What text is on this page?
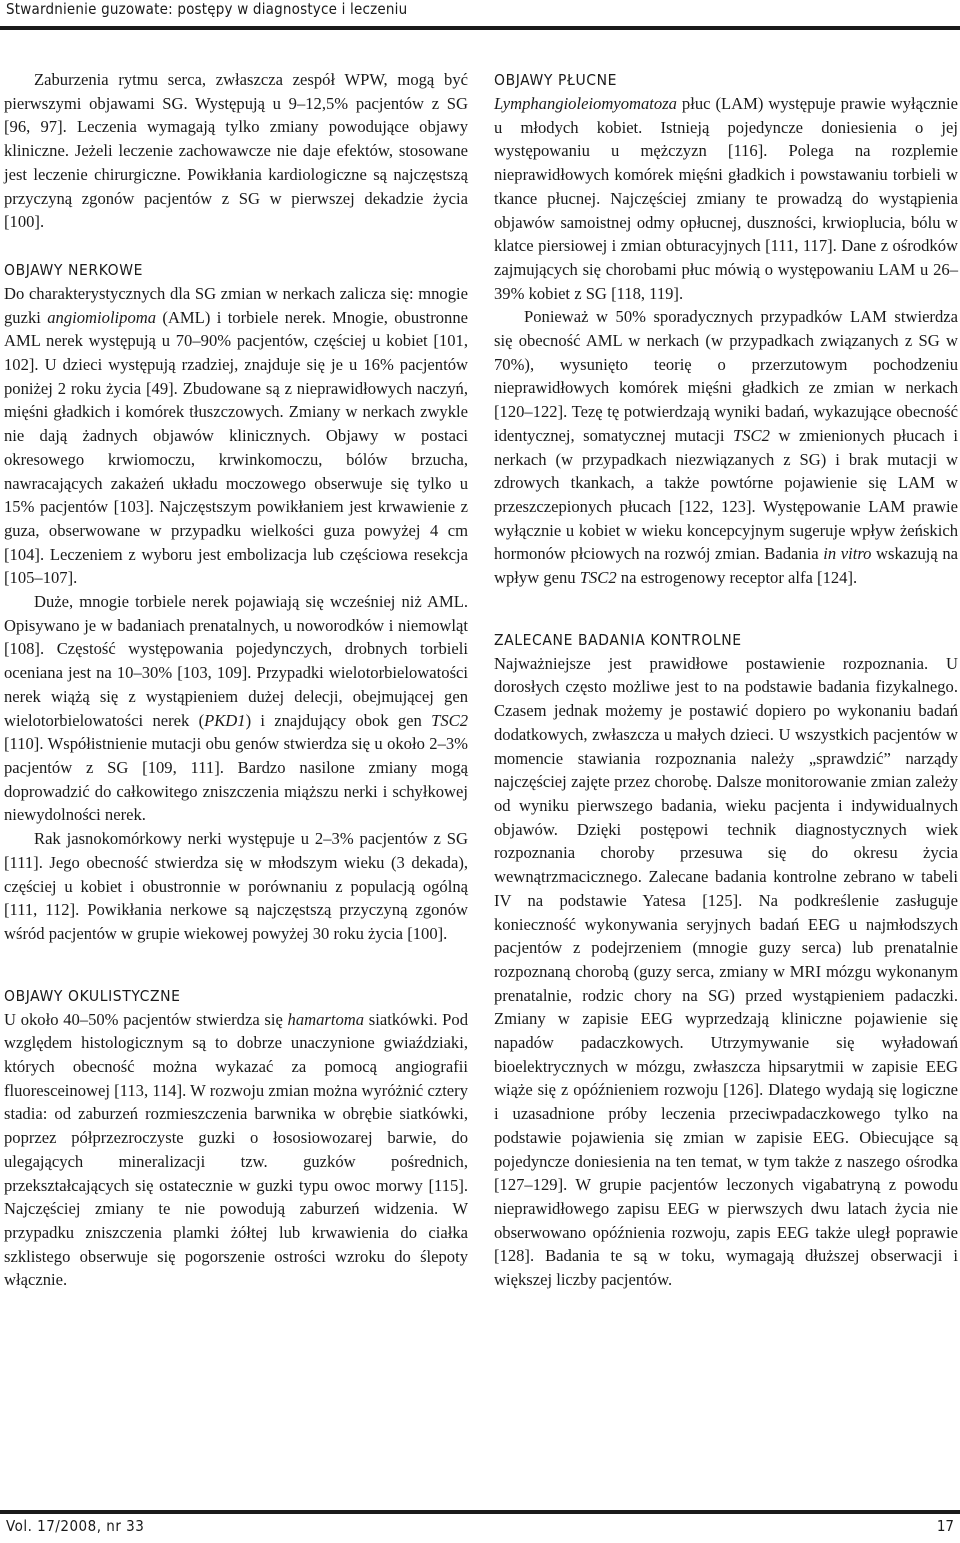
Stwardnienie guzowate: postępy w diagnostyce i leczeniu

Zaburzenia rytmu serca, zwłaszcza zespół WPW, mogą być pierwszymi objawami SG. Występują u 9–12,5% pacjentów z SG [96, 97]. Leczenia wymagają tylko zmiany powodujące objawy kliniczne. Jeżeli leczenie zachowawcze nie daje efektów, stosowane jest leczenie chirurgiczne. Powikłania kardiologiczne są najczęstszą przyczyną zgonów pacjentów z SG w pierwszej dekadzie życia [100].

OBJAWY NERKOWE

Do charakterystycznych dla SG zmian w nerkach zalicza się: mnogie guzki angiomiolipoma (AML) i torbiele nerek. Mnogie, obustronne AML nerek występują u 70–90% pacjentów, częściej u kobiet [101, 102]. U dzieci występują rzadziej, znajduje się je u 16% pacjentów poniżej 2 roku życia [49]. Zbudowane są z nieprawidłowych naczyń, mięśni gładkich i komórek tłuszczowych. Zmiany w nerkach zwykle nie dają żadnych objawów klinicznych. Objawy w postaci okresowego krwiomoczu, krwinkomoczu, bólów brzucha, nawracających zakażeń układu moczowego obserwuje się tylko u 15% pacjentów [103]. Najczęstszym powikłaniem jest krwawienie z guza, obserwowane w przypadku wielkości guza powyżej 4 cm [104]. Leczeniem z wyboru jest embolizacja lub częściowa resekcja [105–107].

Duże, mnogie torbiele nerek pojawiają się wcześniej niż AML. Opisywano je w badaniach prenatalnych, u noworodków i niemowląt [108]. Częstość występowania pojedynczych, drobnych torbieli oceniana jest na 10–30% [103, 109]. Przypadki wielotorbielowatości nerek wiążą się z wystąpieniem dużej delecji, obejmującej gen wielotorbielowatości nerek (PKD1) i znajdujący obok gen TSC2 [110]. Współistnienie mutacji obu genów stwierdza się u około 2–3% pacjentów z SG [109, 111]. Bardzo nasilone zmiany mogą doprowadzić do całkowitego zniszczenia miąższu nerki i schyłkowej niewydolności nerek.

Rak jasnokomórkowy nerki występuje u 2–3% pacjentów z SG [111]. Jego obecność stwierdza się w młodszym wieku (3 dekada), częściej u kobiet i obustronnie w porównaniu z populacją ogólną [111, 112]. Powikłania nerkowe są najczęstszą przyczyną zgonów wśród pacjentów w grupie wiekowej powyżej 30 roku życia [100].

OBJAWY OKULISTYCZNE

U około 40–50% pacjentów stwierdza się hamartoma siatkówki. Pod względem histologicznym są to dobrze unaczynione gwiaździaki, których obecność można wykazać za pomocą angiografii fluoresceinowej [113, 114]. W rozwoju zmian można wyróżnić cztery stadia: od zaburzeń rozmieszczenia barwnika w obrębie siatkówki, poprzez półprzezroczyste guzki o łososiowozarej barwie, do ulegających mineralizacji tzw. guzków pośrednich, przekształcających się ostatecznie w guzki typu owoc morwy [115]. Najczęściej zmiany te nie powodują zaburzeń widzenia. W przypadku zniszczenia plamki żółtej lub krwawienia do ciałka szklistego obserwuje się pogorszenie ostrości wzroku do ślepoty włącznie.

OBJAWY PŁUCNE

Lymphangioleiomyomatoza płuc (LAM) występuje prawie wyłącznie u młodych kobiet. Istnieją pojedyncze doniesienia o jej występowaniu u mężczyzn [116]. Polega na rozplemie nieprawidłowych komórek mięśni gładkich i powstawaniu torbieli w tkance płucnej. Najczęściej zmiany te prowadzą do wystąpienia objawów samoistnej odmy opłucnej, duszności, krwioplucia, bólu w klatce piersiowej i zmian obturacyjnych [111, 117]. Dane z ośrodków zajmujących się chorobami płuc mówią o występowaniu LAM u 26–39% kobiet z SG [118, 119].

Ponieważ w 50% sporadycznych przypadków LAM stwierdza się obecność AML w nerkach (w przypadkach związanych z SG w 70%), wysunięto teorię o przerzutowym pochodzeniu nieprawidłowych komórek mięśni gładkich ze zmian w nerkach [120–122]. Tezę tę potwierdzają wyniki badań, wykazujące obecność identycznej, somatycznej mutacji TSC2 w zmienionych płucach i nerkach (w przypadkach niezwiązanych z SG) i brak mutacji w zdrowych tkankach, a także powtórne pojawienie się LAM w przeszczepionych płucach [122, 123]. Występowanie LAM prawie wyłącznie u kobiet w wieku koncepcyjnym sugeruje wpływ żeńskich hormonów płciowych na rozwój zmian. Badania in vitro wskazują na wpływ genu TSC2 na estrogenowy receptor alfa [124].

ZALECANE BADANIA KONTROLNE

Najważniejsze jest prawidłowe postawienie rozpoznania. U dorosłych często możliwe jest to na podstawie badania fizykalnego. Czasem jednak możemy je postawić dopiero po wykonaniu badań dodatkowych, zwłaszcza u małych dzieci. U wszystkich pacjentów w momencie stawiania rozpoznania należy „sprawdzić” narządy najczęściej zajęte przez chorobę. Dalsze monitorowanie zmian zależy od wyniku pierwszego badania, wieku pacjenta i indywidualnych objawów. Dzięki postępowi technik diagnostycznych wiek rozpoznania choroby przesuwa się do okresu życia wewnątrzmacicznego. Zalecane badania kontrolne zebrano w tabeli IV na podstawie Yatesa [125]. Na podkreślenie zasługuje konieczność wykonywania seryjnych badań EEG u najmłodszych pacjentów z podejrzeniem (mnogie guzy serca) lub prenatalnie rozpoznaną chorobą (guzy serca, zmiany w MRI mózgu wykonanym prenatalnie, rodzic chory na SG) przed wystąpieniem padaczki. Zmiany w zapisie EEG wyprzedzają kliniczne pojawienie się napadów padaczkowych. Utrzymywanie się wyładowań bioelektrycznych w mózgu, zwłaszcza hipsarytmii w zapisie EEG wiąże się z opóźnieniem rozwoju [126]. Dlatego wydają się logiczne i uzasadnione próby leczenia przeciwpadaczkowego tylko na podstawie pojawienia się zmian w zapisie EEG. Obiecujące są pojedyncze doniesienia na ten temat, w tym także z naszego ośrodka [127–129]. W grupie pacjentów leczonych vigabatryną z powodu nieprawidłowego zapisu EEG w pierwszych dwu latach życia nie obserwowano opóźnienia rozwoju, zapis EEG także uległ poprawie [128]. Badania te są w toku, wymagają dłuższej obserwacji i większej liczby pacjentów.

Vol. 17/2008, nr 33	17
